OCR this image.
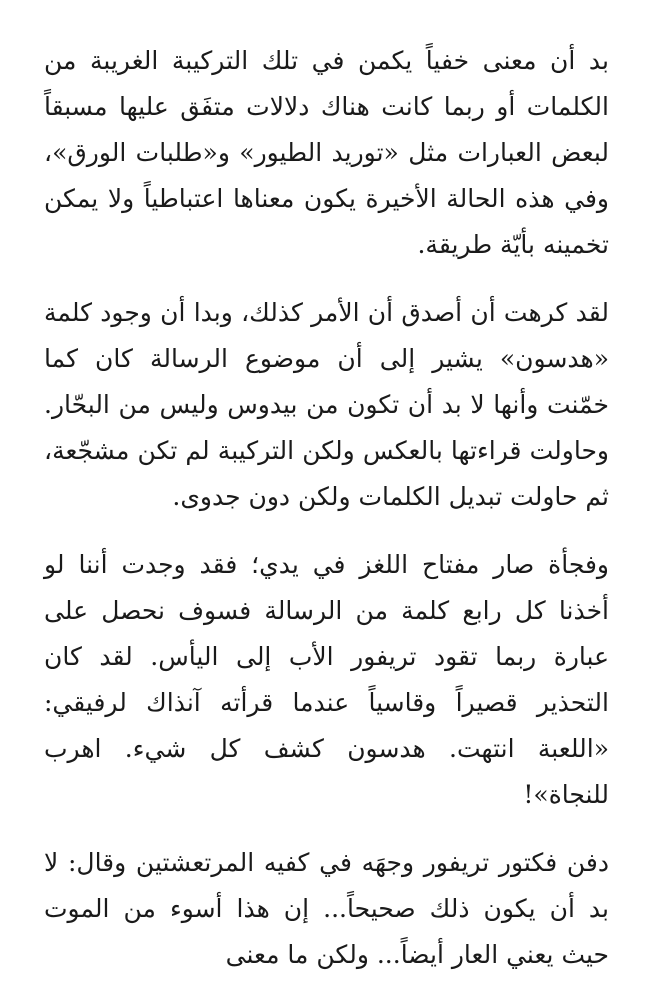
بد أن معنى خفياً يكمن في تلك التركيبة الغريبة من الكلمات أو ربما كانت هناك دلالات متفَق عليها مسبقاً لبعض العبارات مثل «توريد الطيور» و«طلبات الورق»، وفي هذه الحالة الأخيرة يكون معناها اعتباطياً ولا يمكن تخمينه بأيّة طريقة.

لقد كرهت أن أصدق أن الأمر كذلك، وبدا أن وجود كلمة «هدسون» يشير إلى أن موضوع الرسالة كان كما خمّنت وأنها لا بد أن تكون من بيدوس وليس من البحّار. وحاولت قراءتها بالعكس ولكن التركيبة لم تكن مشجّعة، ثم حاولت تبديل الكلمات ولكن دون جدوى.

وفجأة صار مفتاح اللغز في يدي؛ فقد وجدت أننا لو أخذنا كل رابع كلمة من الرسالة فسوف نحصل على عبارة ربما تقود تريفور الأب إلى اليأس. لقد كان التحذير قصيراً وقاسياً عندما قرأته آنذاك لرفيقي: «اللعبة انتهت. هدسون كشف كل شيء. اهرب للنجاة»!

دفن فكتور تريفور وجهَه في كفيه المرتعشتين وقال: لا بد أن يكون ذلك صحيحاً... إن هذا أسوء من الموت حيث يعني العار أيضاً... ولكن ما معنى
